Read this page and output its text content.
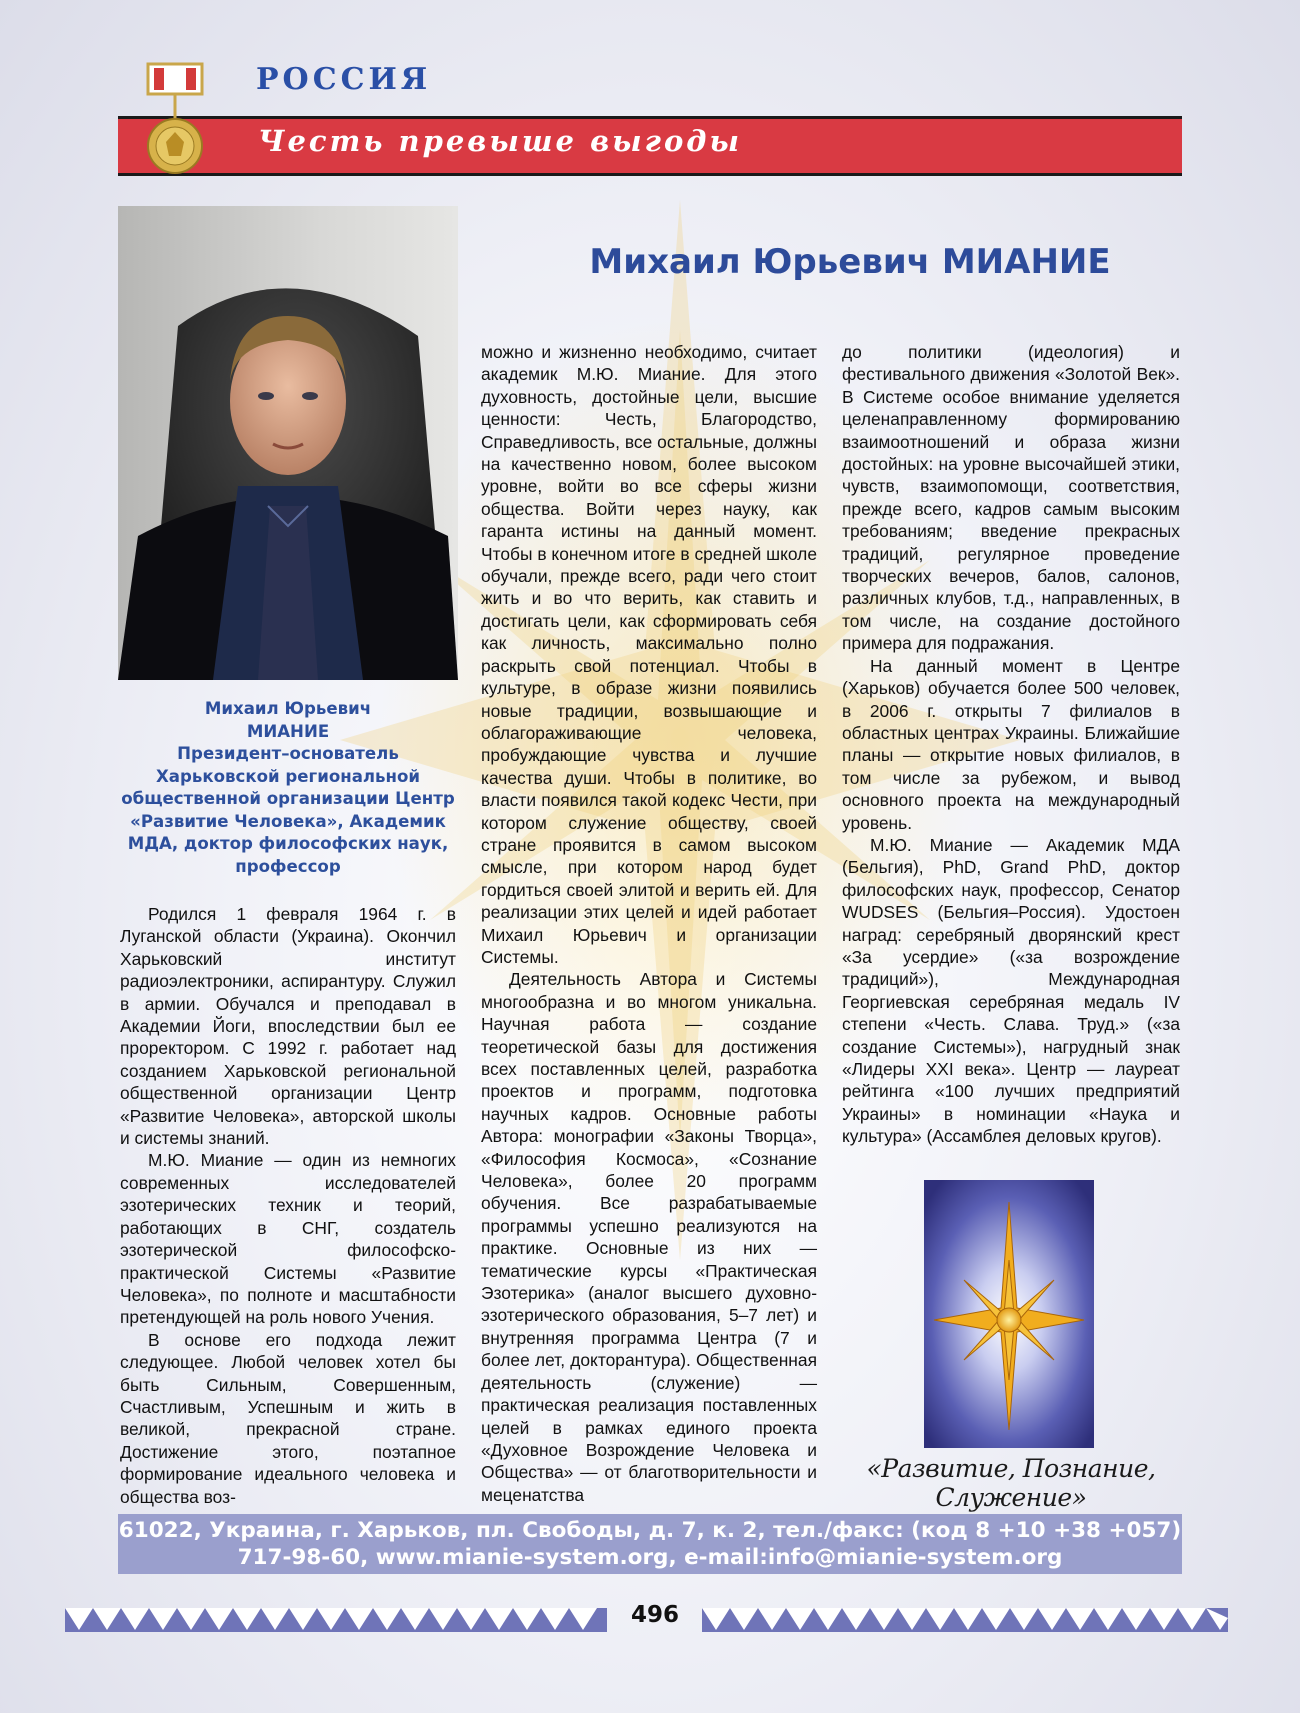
РОССИЯ
Честь превыше выгоды
Михаил Юрьевич
МИАНИЕ
Президент–основатель
Харьковской региональной
общественной организации Центр
«Развитие Человека», Академик
МДА, доктор философских наук,
профессор
Михаил Юрьевич МИАНИЕ

Родился 1 февраля 1964 г. в Луганской области (Украина). Окончил Харьковский институт радиоэлектроники, аспирантуру. Служил в армии. Обучался и преподавал в Академии Йоги, впоследствии был ее проректором. С 1992 г. работает над созданием Харьковской региональной общественной организации Центр «Развитие Человека», авторской школы и системы знаний.

М.Ю. Миание — один из немногих современных исследователей эзотерических техник и теорий, работающих в СНГ, создатель эзотерической философско-практической Системы «Развитие Человека», по полноте и масштабности претендующей на роль нового Учения.

В основе его подхода лежит следующее. Любой человек хотел бы быть Сильным, Совершенным, Счастливым, Успешным и жить в великой, прекрасной стране. Достижение этого, поэтапное формирование идеального человека и общества воз-

можно и жизненно необходимо, считает академик М.Ю. Миание. Для этого духовность, достойные цели, высшие ценности: Честь, Благородство, Справедливость, все остальные, должны на качественно новом, более высоком уровне, войти во все сферы жизни общества. Войти через науку, как гаранта истины на данный момент. Чтобы в конечном итоге в средней школе обучали, прежде всего, ради чего стоит жить и во что верить, как ставить и достигать цели, как сформировать себя как личность, максимально полно раскрыть свой потенциал. Чтобы в культуре, в образе жизни появились новые традиции, возвышающие и облагораживающие человека, пробуждающие чувства и лучшие качества души. Чтобы в политике, во власти появился такой кодекс Чести, при котором служение обществу, своей стране проявится в самом высоком смысле, при котором народ будет гордиться своей элитой и верить ей. Для реализации этих целей и идей работает Михаил Юрьевич и организации Системы.

Деятельность Автора и Системы многообразна и во многом уникальна. Научная работа — создание теоретической базы для достижения всех поставленных целей, разработка проектов и программ, подготовка научных кадров. Основные работы Автора: монографии «Законы Творца», «Философия Космоса», «Сознание Человека», более 20 программ обучения. Все разрабатываемые программы успешно реализуются на практике. Основные из них — тематические курсы «Практическая Эзотерика» (аналог высшего духовно-эзотерического образования, 5–7 лет) и внутренняя программа Центра (7 и более лет, докторантура). Общественная деятельность (служение) — практическая реализация поставленных целей в рамках единого проекта «Духовное Возрождение Человека и Общества» — от благотворительности и меценатства

до политики (идеология) и фестивального движения «Золотой Век». В Системе особое внимание уделяется целенаправленному формированию взаимоотношений и образа жизни достойных: на уровне высочайшей этики, чувств, взаимопомощи, соответствия, прежде всего, кадров самым высоким требованиям; введение прекрасных традиций, регулярное проведение творческих вечеров, балов, салонов, различных клубов, т.д., направленных, в том числе, на создание достойного примера для подражания.

На данный момент в Центре (Харьков) обучается более 500 человек, в 2006 г. открыты 7 филиалов в областных центрах Украины. Ближайшие планы — открытие новых филиалов, в том числе за рубежом, и вывод основного проекта на международный уровень.

М.Ю. Миание — Академик МДА (Бельгия), PhD, Grand PhD, доктор философских наук, профессор, Сенатор WUDSES (Бельгия–Россия). Удостоен наград: серебряный дворянский крест «За усердие» («за возрождение традиций»), Международная Георгиевская серебряная медаль IV степени «Честь. Слава. Труд.» («за создание Системы»), нагрудный знак «Лидеры XXI века». Центр — лауреат рейтинга «100 лучших предприятий Украины» в номинации «Наука и культура» (Ассамблея деловых кругов).

«Развитие, Познание, Служение»
61022, Украина, г. Харьков, пл. Свободы, д. 7, к. 2, тел./факс: (код 8 +10 +38 +057)
717-98-60, www.mianie-system.org, e-mail:info@mianie-system.org
496
